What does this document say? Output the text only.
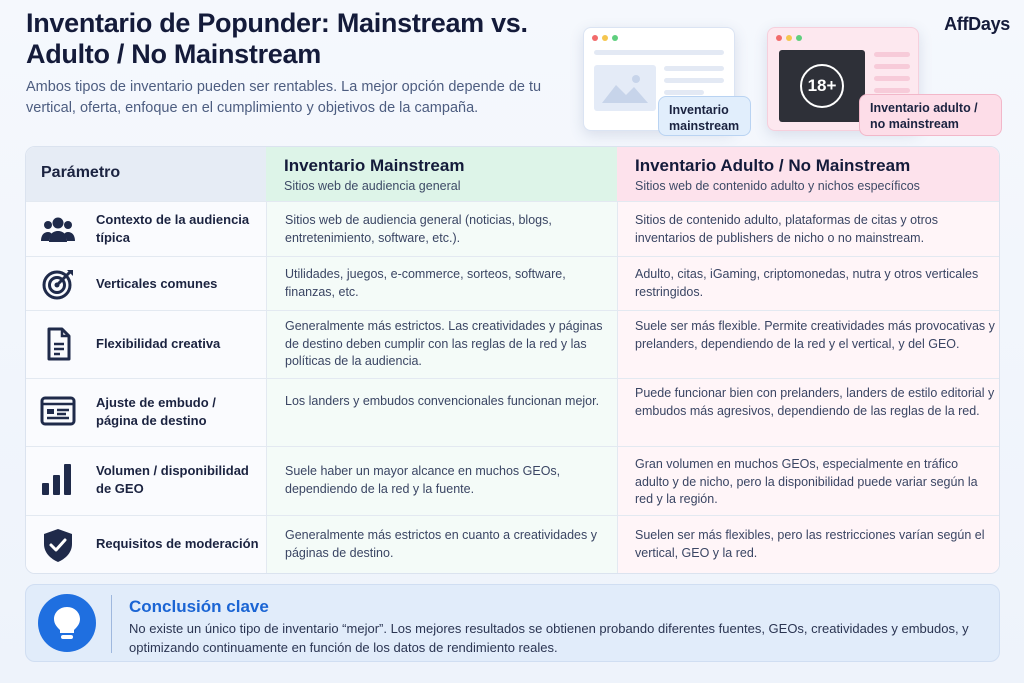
Inventario de Popunder: Mainstream vs. Adulto / No Mainstream
Ambos tipos de inventario pueden ser rentables. La mejor opción depende de tu vertical, oferta, enfoque en el cumplimiento y objetivos de la campaña.
AffDays
Inventario mainstream
18+
Inventario adulto / no mainstream
Parámetro	Inventario Mainstream
Sitios web de audiencia general
Inventario Adulto / No Mainstream
Sitios web de contenido adulto y nichos específicos
Contexto de la audiencia típica
Sitios web de audiencia general (noticias, blogs, entretenimiento, software, etc.).
Sitios de contenido adulto, plataformas de citas y otros inventarios de publishers de nicho o no mainstream.
Verticales comunes
Utilidades, juegos, e-commerce, sorteos, software, finanzas, etc.
Adulto, citas, iGaming, criptomonedas, nutra y otros verticales restringidos.
Flexibilidad creativa
Generalmente más estrictos. Las creatividades y páginas de destino deben cumplir con las reglas de la red y las políticas de la audiencia.
Suele ser más flexible. Permite creatividades más provocativas y prelanders, dependiendo de la red y el vertical, y del GEO.
Ajuste de embudo / página de destino
Los landers y embudos convencionales funcionan mejor.
Puede funcionar bien con prelanders, landers de estilo editorial y embudos más agresivos, dependiendo de las reglas de la red.
Volumen / disponibilidad de GEO
Suele haber un mayor alcance en muchos GEOs, dependiendo de la red y la fuente.
Gran volumen en muchos GEOs, especialmente en tráfico adulto y de nicho, pero la disponibilidad puede variar según la red y la región.
Requisitos de moderación
Generalmente más estrictos en cuanto a creatividades y páginas de destino.
Suelen ser más flexibles, pero las restricciones varían según el vertical, GEO y la red.
Conclusión clave
No existe un único tipo de inventario “mejor”. Los mejores resultados se obtienen probando diferentes fuentes, GEOs, creatividades y embudos, y optimizando continuamente en función de los datos de rendimiento reales.
